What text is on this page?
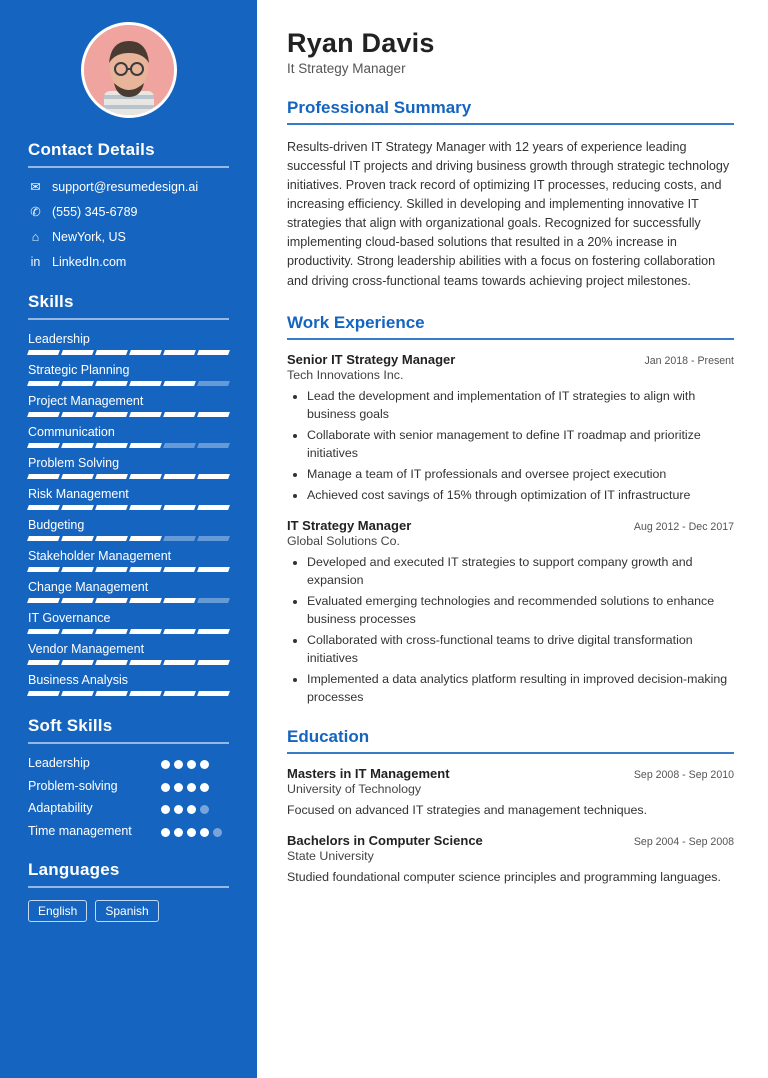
Contact Details
✉ support@resumedesign.ai
✆ (555) 345-6789
⌂ NewYork, US
in LinkedIn.com
Skills
Leadership
Strategic Planning
Project Management
Communication
Problem Solving
Risk Management
Budgeting
Stakeholder Management
Change Management
IT Governance
Vendor Management
Business Analysis
Soft Skills
Leadership
Problem-solving
Adaptability
Time management
Languages
English	Spanish
Ryan Davis
It Strategy Manager
Professional Summary

Results-driven IT Strategy Manager with 12 years of experience leading successful IT projects and driving business growth through strategic technology initiatives. Proven track record of optimizing IT processes, reducing costs, and increasing efficiency. Skilled in developing and implementing innovative IT strategies that align with organizational goals. Recognized for successfully implementing cloud-based solutions that resulted in a 20% increase in productivity. Strong leadership abilities with a focus on fostering collaboration and driving cross-functional teams towards achieving project milestones.

Work Experience
Senior IT Strategy Manager	Jan 2018 - Present
Tech Innovations Inc.
• Lead the development and implementation of IT strategies to align with business goals
• Collaborate with senior management to define IT roadmap and prioritize initiatives
• Manage a team of IT professionals and oversee project execution
• Achieved cost savings of 15% through optimization of IT infrastructure
IT Strategy Manager	Aug 2012 - Dec 2017
Global Solutions Co.
• Developed and executed IT strategies to support company growth and expansion
• Evaluated emerging technologies and recommended solutions to enhance business processes
• Collaborated with cross-functional teams to drive digital transformation initiatives
• Implemented a data analytics platform resulting in improved decision-making processes
Education
Masters in IT Management	Sep 2008 - Sep 2010
University of Technology
Focused on advanced IT strategies and management techniques.
Bachelors in Computer Science	Sep 2004 - Sep 2008
State University
Studied foundational computer science principles and programming languages.
